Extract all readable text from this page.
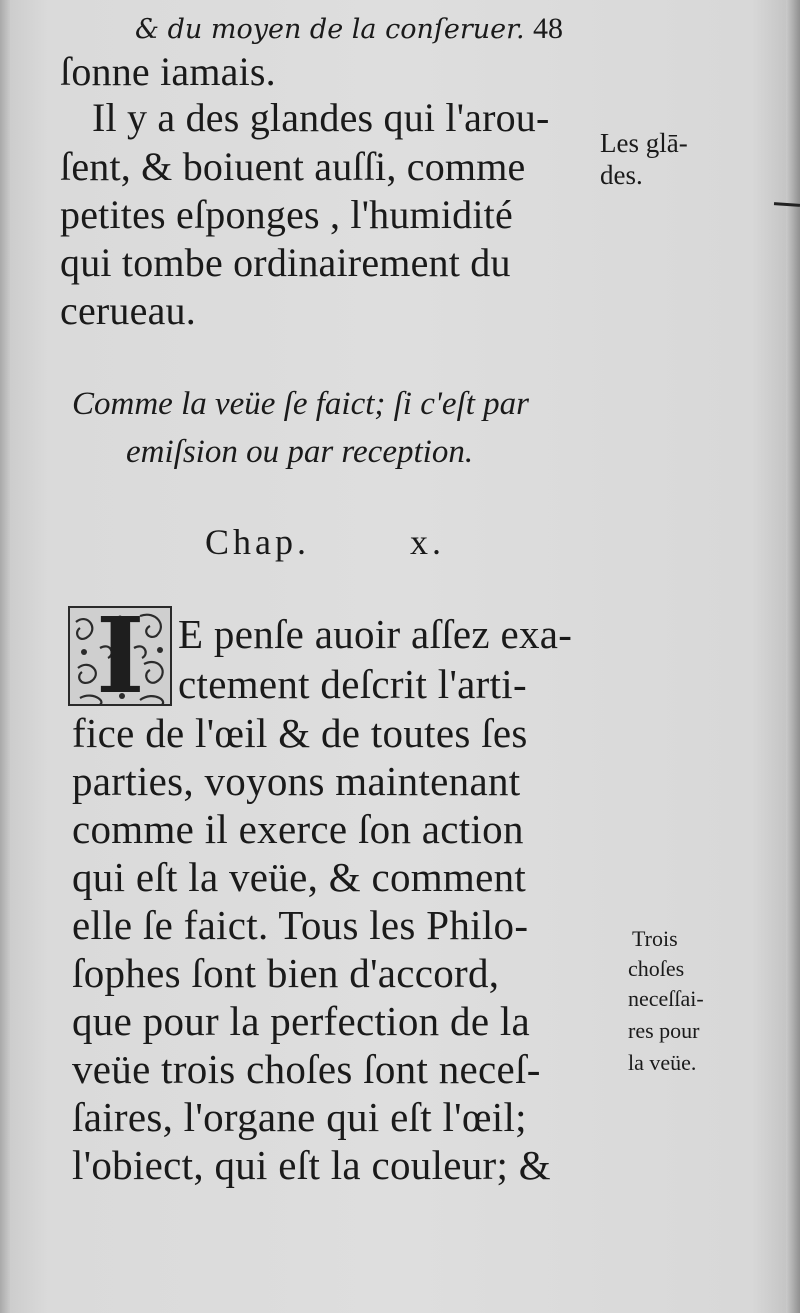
& du moyen de la conſeruer. 48
ſonne iamais.
Il y a des glandes qui l'arou-
ſent, & boiuent auſſi, comme
petites eſponges , l'humidité
qui tombe ordinairement du
cerueau.
Les glā-
des.
Comme la veüe ſe faict; ſi c'eſt par
emiſsion ou par reception.
Chap.	x.
I E penſe auoir aſſez exa-
ctement deſcrit l'arti-
fice de l'œil & de toutes ſes
parties, voyons maintenant
comme il exerce ſon action
qui eſt la veüe, & comment
elle ſe faict. Tous les Philo-
ſophes ſont bien d'accord,
que pour la perfection de la
veüe trois choſes ſont neceſ-
ſaires, l'organe qui eſt l'œil;
l'obiect, qui eſt la couleur; &
Trois
choſes
neceſſai-
res pour
la veüe.
